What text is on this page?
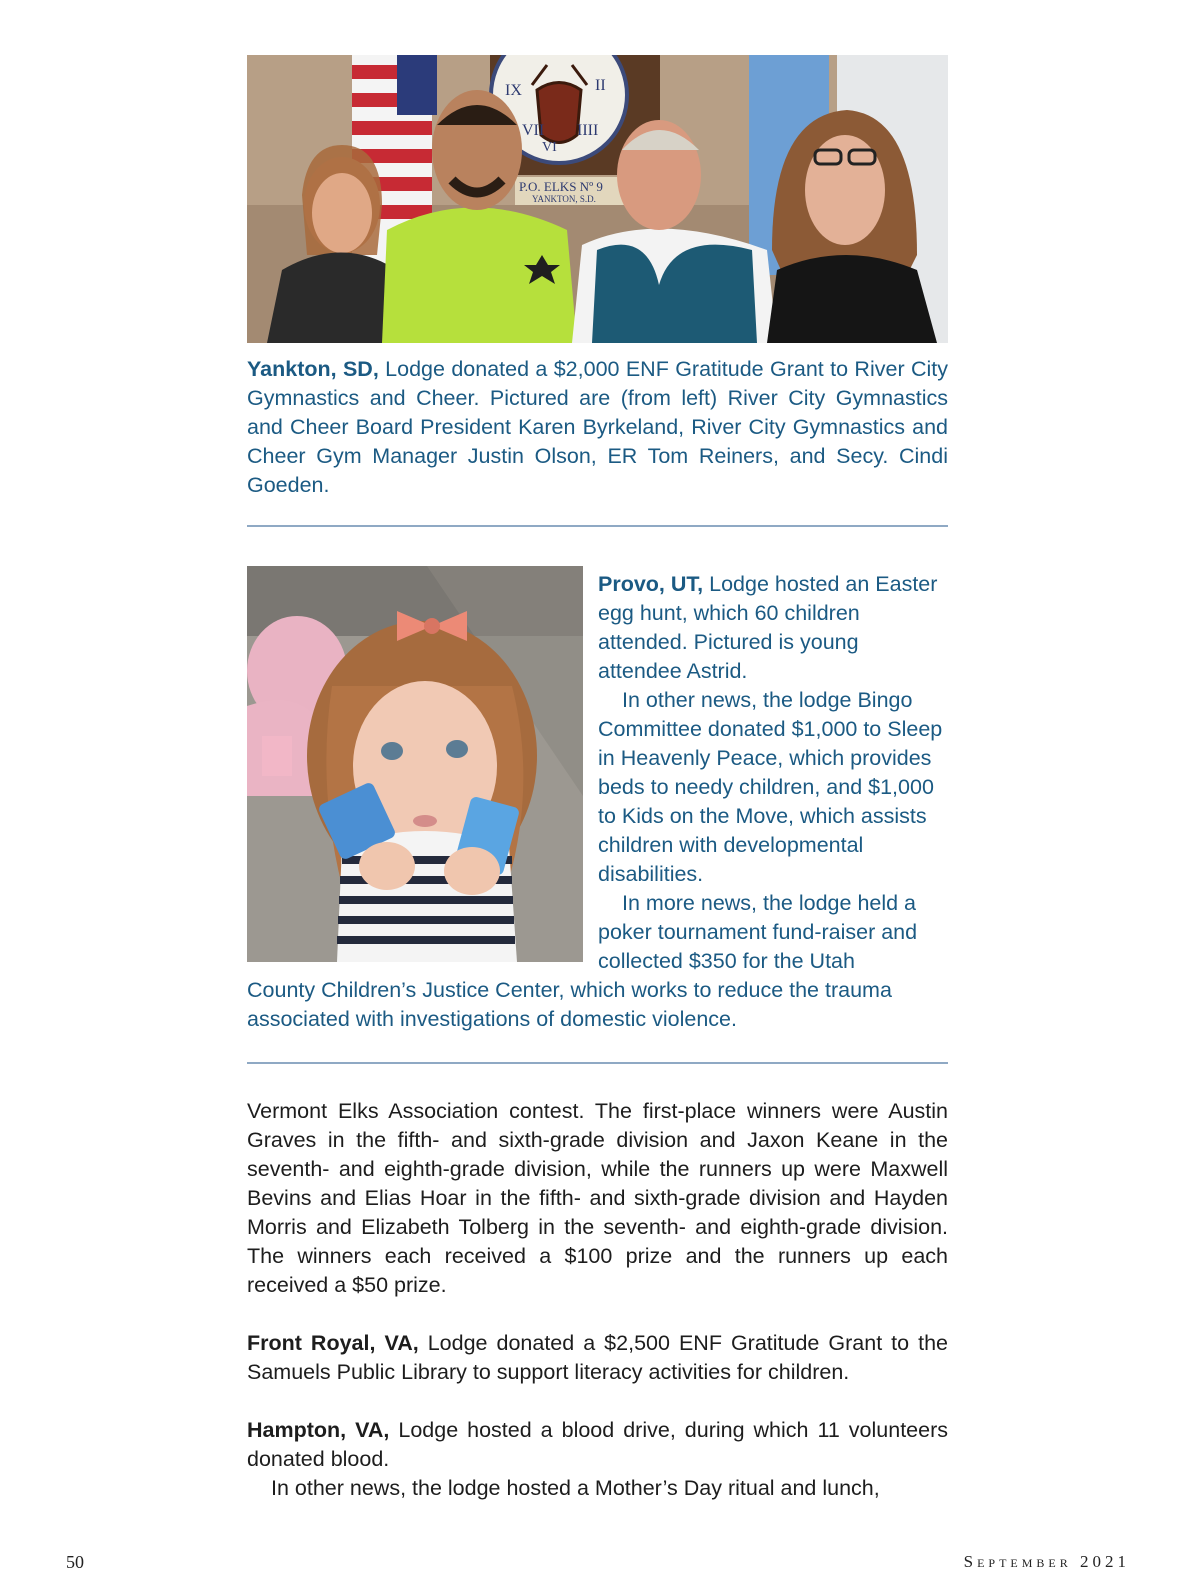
IX	II
VII IIII
VI
P.O. ELKS Nº 9
YANKTON, S.D.

Yankton, SD, Lodge donated a $2,000 ENF Gratitude Grant to River City Gymnastics and Cheer. Pictured are (from left) River City Gymnastics and Cheer Board President Karen Byrkeland, River City Gymnastics and Cheer Gym Manager Justin Olson, ER Tom Reiners, and Secy. Cindi Goeden.

Provo, UT, Lodge hosted an Easter egg hunt, which 60 children attended. Pictured is young attendee Astrid.

In other news, the lodge Bingo Committee donated $1,000 to Sleep in Heavenly Peace, which provides beds to needy children, and $1,000 to Kids on the Move, which assists children with developmental disabilities.

In more news, the lodge held a poker tournament fund-raiser and collected $350 for the Utah

County Children’s Justice Center, which works to reduce the trauma associated with investigations of domestic violence.

Vermont Elks Association contest. The first-place winners were Austin Graves in the fifth- and sixth-grade division and Jaxon Keane in the seventh- and eighth-grade division, while the runners up were Maxwell Bevins and Elias Hoar in the fifth- and sixth-grade division and Hayden Morris and Elizabeth Tolberg in the seventh- and eighth-grade division. The winners each received a $100 prize and the runners up each received a $50 prize.

Front Royal, VA, Lodge donated a $2,500 ENF Gratitude Grant to the Samuels Public Library to support literacy activities for children.

Hampton, VA, Lodge hosted a blood drive, during which 11 volunteers donated blood.

In other news, the lodge hosted a Mother’s Day ritual and lunch,

50	September 2021
